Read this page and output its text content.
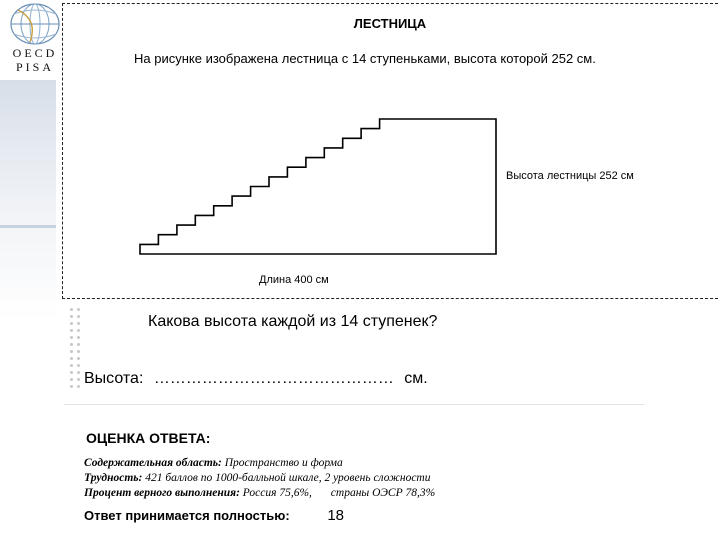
OECD
PISA
ЛЕСТНИЦА
На рисунке изображена лестница с 14 ступеньками, высота которой 252 см.
Высота лестницы 252 см
Длина 400 см
Какова высота каждой из 14 ступенек?
Высота: ……………………………………… см.
ОЦЕНКА ОТВЕТА:
Содержательная область: Пространство и форма
Трудность: 421 баллов по 1000-балльной шкале, 2 уровень сложности
Процент верного выполнения: Россия 75,6%, страны ОЭСР 78,3%
Ответ принимается полностью:	18
